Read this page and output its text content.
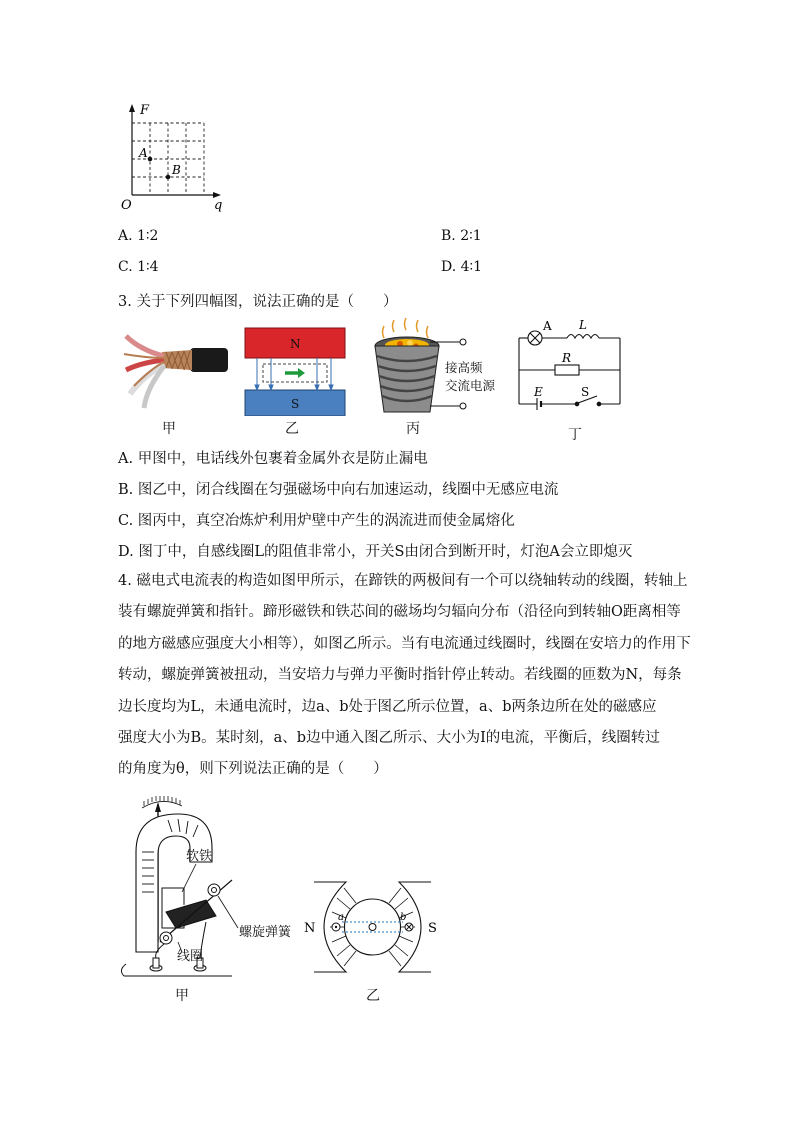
F
q
O
A
B
A. 1∶2	B. 2∶1
C. 1∶4	D. 4∶1
3. 关于下列四幅图，说法正确的是（　　）
N
S
接高频
交流电源
A L
R
E	S
甲	乙	丙	丁
A. 甲图中，电话线外包裹着金属外衣是防止漏电
B. 图乙中，闭合线圈在匀强磁场中向右加速运动，线圈中无感应电流
C. 图丙中，真空冶炼炉利用炉壁中产生的涡流进而使金属熔化
D. 图丁中，自感线圈L的阻值非常小，开关S由闭合到断开时，灯泡A会立即熄灭
4. 磁电式电流表的构造如图甲所示，在蹄铁的两极间有一个可以绕轴转动的线圈，转轴上
装有螺旋弹簧和指针。蹄形磁铁和铁芯间的磁场均匀辐向分布（沿径向到转轴O距离相等
的地方磁感应强度大小相等），如图乙所示。当有电流通过线圈时，线圈在安培力的作用下
转动，螺旋弹簧被扭动，当安培力与弹力平衡时指针停止转动。若线圈的匝数为N，每条
边长度均为L，未通电流时，边a、b处于图乙所示位置，a、b两条边所在处的磁感应
强度大小为B。某时刻，a、b边中通入图乙所示、大小为I的电流，平衡后，线圈转过
的角度为θ，则下列说法正确的是（　　）
软铁
螺旋弹簧
线圈
甲
N	S
a	b
乙
